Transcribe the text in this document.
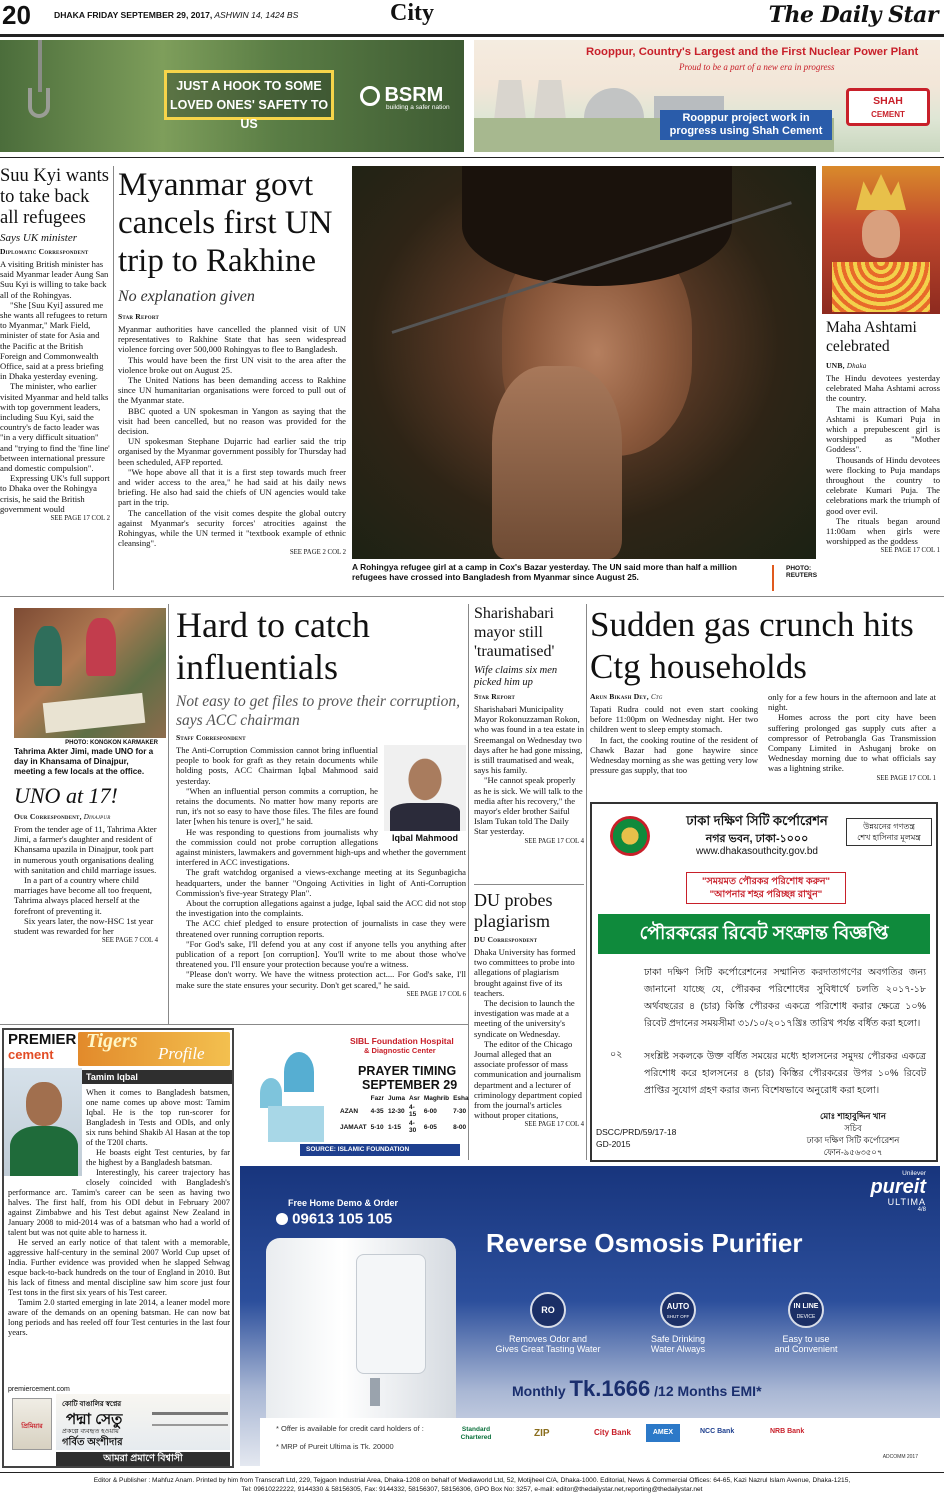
20	DHAKA FRIDAY SEPTEMBER 29, 2017, ASHWIN 14, 1424 BS	City	The Daily Star
JUST A HOOK TO SOME
LOVED ONES' SAFETY TO US
BSRM
building a safer nation
Rooppur, Country's Largest and the First Nuclear Power Plant
Proud to be a part of a new era in progress
Rooppur project work in
progress using Shah Cement
SHAH
CEMENT
Suu Kyi wants to take back all refugees
Says UK minister
Diplomatic Correspondent

A visiting British minister has said Myanmar leader Aung San Suu Kyi is willing to take back all of the Rohingyas.

"She [Suu Kyi] assured me she wants all refugees to return to Myanmar," Mark Field, minister of state for Asia and the Pacific at the British Foreign and Commonwealth Office, said at a press briefing in Dhaka yesterday evening.

The minister, who earlier visited Myanmar and held talks with top government leaders, including Suu Kyi, said the country's de facto leader was "in a very difficult situation" and "trying to find the 'fine line' between international pressure and domestic compulsion".

Expressing UK's full support to Dhaka over the Rohingya crisis, he said the British government would

SEE PAGE 17 COL 2
Myanmar govt cancels first UN trip to Rakhine
No explanation given
Star Report

Myanmar authorities have cancelled the planned visit of UN representatives to Rakhine State that has seen widespread violence forcing over 500,000 Rohingyas to flee to Bangladesh.

This would have been the first UN visit to the area after the violence broke out on August 25.

The United Nations has been demanding access to Rakhine since UN humanitarian organisations were forced to pull out of the Myanmar state.

BBC quoted a UN spokesman in Yangon as saying that the visit had been cancelled, but no reason was provided for the decision.

UN spokesman Stephane Dujarric had earlier said the trip organised by the Myanmar government possibly for Thursday had been scheduled, AFP reported.

"We hope above all that it is a first step towards much freer and wider access to the area," he had said at his daily news briefing. He also had said the chiefs of UN agencies would take part in the trip.

The cancellation of the visit comes despite the global outcry against Myanmar's security forces' atrocities against the Rohingyas, while the UN termed it "textbook example of ethnic cleansing".

SEE PAGE 2 COL 2
A Rohingya refugee girl at a camp in Cox's Bazar yesterday. The UN said more than half a million refugees have crossed into Bangladesh from Myanmar since August 25.
PHOTO:
REUTERS
Maha Ashtami celebrated
UNB, Dhaka

The Hindu devotees yesterday celebrated Maha Ashtami across the country.

The main attraction of Maha Ashtami is Kumari Puja in which a prepubescent girl is worshipped as "Mother Goddess".

Thousands of Hindu devotees were flocking to Puja mandaps throughout the country to celebrate Kumari Puja. The celebrations mark the triumph of good over evil.

The rituals began around 11:00am when girls were worshipped as the goddess

SEE PAGE 17 COL 1
PHOTO: KONGKON KARMAKER
Tahrima Akter Jimi, made UNO for a day in Khansama of Dinajpur, meeting a few locals at the office.
UNO at 17!
Our Correspondent, Dinajpur

From the tender age of 11, Tahrima Akter Jimi, a farmer's daughter and resident of Khansama upazila in Dinajpur, took part in numerous youth organisations dealing with sanitation and child marriage issues.

In a part of a country where child marriages have become all too frequent, Tahrima always placed herself at the forefront of preventing it.

Six years later, the now-HSC 1st year student was rewarded for her

SEE PAGE 7 COL 4
Hard to catch influentials
Not easy to get files to prove their corruption, says ACC chairman
Staff Correspondent
Iqbal Mahmood

The Anti-Corruption Commission cannot bring influential people to book for graft as they retain documents while holding posts, ACC Chairman Iqbal Mahmood said yesterday.

"When an influential person commits a corruption, he retains the documents. No matter how many reports are run, it's not so easy to have those files. The files are found later [when his tenure is over]," he said.

He was responding to questions from journalists why the commission could not probe corruption allegations against ministers, lawmakers and government high-ups and whether the government interfered in ACC investigations.

The graft watchdog organised a views-exchange meeting at its Segunbagicha headquarters, under the banner "Ongoing Activities in light of Anti-Corruption Commission's five-year Strategy Plan".

About the corruption allegations against a judge, Iqbal said the ACC did not stop the investigation into the complaints.

The ACC chief pledged to ensure protection of journalists in case they were threatened over running corruption reports.

"For God's sake, I'll defend you at any cost if anyone tells you anything after publication of a report [on corruption]. You'll write to me about those who've threatened you. I'll ensure your protection because you're a witness.

"Please don't worry. We have the witness protection act.... For God's sake, I'll make sure the state ensures your security. Don't get scared," he said.

SEE PAGE 17 COL 6
Sharishabari mayor still 'traumatised'
Wife claims six men picked him up
Star Report

Sharishabari Municipality Mayor Rokonuzzaman Rokon, who was found in a tea estate in Sreemangal on Wednesday two days after he had gone missing, is still traumatised and weak, says his family.

"He cannot speak properly as he is sick. We will talk to the media after his recovery," the mayor's elder brother Saiful Islam Tukan told The Daily Star yesterday.

SEE PAGE 17 COL 4
DU probes plagiarism
DU Correspondent

Dhaka University has formed two committees to probe into allegations of plagiarism brought against five of its teachers.

The decision to launch the investigation was made at a meeting of the university's syndicate on Wednesday.

The editor of the Chicago Journal alleged that an associate professor of mass communication and journalism department and a lecturer of criminology department copied from the journal's articles without proper citations,

SEE PAGE 17 COL 4
Sudden gas crunch hits Ctg households
Arun Bikash Dey, Ctg

Tapati Rudra could not even start cooking before 11:00pm on Wednesday night. Her two children went to sleep empty stomach.

In fact, the cooking routine of the resident of Chawk Bazar had gone haywire since Wednesday morning as she was getting very low pressure gas supply, that too

only for a few hours in the afternoon and late at night.

Homes across the port city have been suffering prolonged gas supply cuts after a compressor of Petrobangla Gas Transmission Company Limited in Ashuganj broke on Wednesday morning due to what officials say was a lightning strike.

SEE PAGE 17 COL 1
ঢাকা দক্ষিণ সিটি কর্পোরেশন
নগর ভবন, ঢাকা-১০০০
www.dhakasouthcity.gov.bd
উন্নয়নের গণতন্ত্র
শেখ হাসিনার মূলমন্ত্র
"সময়মত পৌরকর পরিশোধ করুন"
"আপনার শহর পরিচ্ছন্ন রাখুন"
পৌরকরের রিবেট সংক্রান্ত বিজ্ঞপ্তি
ঢাকা দক্ষিণ সিটি কর্পোরেশনের সম্মানিত করদাতাগণের অবগতির জন্য জানানো যাচ্ছে যে, পৌরকর পরিশোধের সুবিধার্থে চলতি ২০১৭-১৮ অর্থবছরের ৪ (চার) কিস্তি পৌরকর একত্রে পরিশোধ করার ক্ষেত্রে ১০% রিবেট প্রদানের সময়সীমা ৩১/১০/২০১৭খ্রিঃ তারিখ পর্যন্ত বর্ধিত করা হলো।
০২ সংশ্লিষ্ট সকলকে উক্ত বর্ধিত সময়ের মধ্যে হালসনের সমুদয় পৌরকর একত্রে পরিশোধ করে হালসনের ৪ (চার) কিস্তির পৌরকরের উপর ১০% রিবেট প্রাপ্তির সুযোগ গ্রহণ করার জন্য বিশেষভাবে অনুরোধ করা হলো।
DSCC/PRD/59/17-18
GD-2015
মোঃ শাহাবুদ্দিন খান
সচিব
ঢাকা দক্ষিণ সিটি কর্পোরেশন
ফোন-৯৫৬৩৫০৭
PREMIER
cement
Tigers
Profile
Tamim Iqbal

When it comes to Bangladesh batsmen, one name comes up above most: Tamim Iqbal. He is the top run-scorer for Bangladesh in Tests and ODIs, and only six runs behind Shakib Al Hasan at the top of the T20I charts.

He boasts eight Test centuries, by far the highest by a Bangladesh batsman.

Interestingly, his career trajectory has closely coincided with Bangladesh's performance arc. Tamim's career can be seen as having two halves. The first half, from his ODI debut in February 2007 against Zimbabwe and his Test debut against New Zealand in January 2008 to mid-2014 was of a batsman who had a world of talent but was not quite able to harness it.

He served an early notice of that talent with a memorable, aggressive half-century in the seminal 2007 World Cup upset of India. Further evidence was provided when he slapped Sehwag esque back-to-back hundreds on the tour of England in 2010. But his lack of fitness and mental discipline saw him score just four Test tons in the first six years of his Test career.

Tamim 2.0 started emerging in late 2014, a leaner model more aware of the demands on an opening batsman. He can now bat long periods and has reeled off four Test centuries in the last four years.

premiercement.com
প্রিমিয়ার
কোটি বাঙালির স্বপ্নের
পদ্মা সেতু
প্রকল্পে ব্যবহৃত হওয়ায়
গর্বিত অংশীদার
আমরা প্রমাণে বিশ্বাসী
SIBL Foundation Hospital
& Diagnostic Center
PRAYER TIMING
SEPTEMBER 29
	Fazr	Juma	Asr	Maghrib	Esha
AZAN	4-35	12-30	4-15	6-00	7-30
JAMAAT	5-10	1-15	4-30	6-05	8-00
SOURCE: ISLAMIC FOUNDATION
Free Home Demo & Order
09613 105 105
Unilever
pureit
ULTIMA
4/8
Reverse Osmosis Purifier
RO
Removes Odor and
Gives Great Tasting Water
AUTO
SHUT OFF
Safe Drinking
Water Always
IN LINE
DEVICE
Easy to use
and Convenient
Monthly Tk.1666 /12 Months EMI*
* Offer is available for credit card holders of :
* MRP of Pureit Ultima is Tk. 20000
Standard Chartered	ZIP	City Bank	AMEX	NCC Bank	NRB Bank
ADCOMM 2017
Editor & Publisher : Mahfuz Anam. Printed by him from Transcraft Ltd, 229, Tejgaon Industrial Area, Dhaka-1208 on behalf of Mediaworld Ltd, 52, Motijheel C/A, Dhaka-1000. Editorial, News & Commercial Offices: 64-65, Kazi Nazrul Islam Avenue, Dhaka-1215,
Tel: 09610222222, 9144330 & 58156305, Fax: 9144332, 58156307, 58156306, GPO Box No: 3257, e-mail: editor@thedailystar.net,reporting@thedailystar.net
